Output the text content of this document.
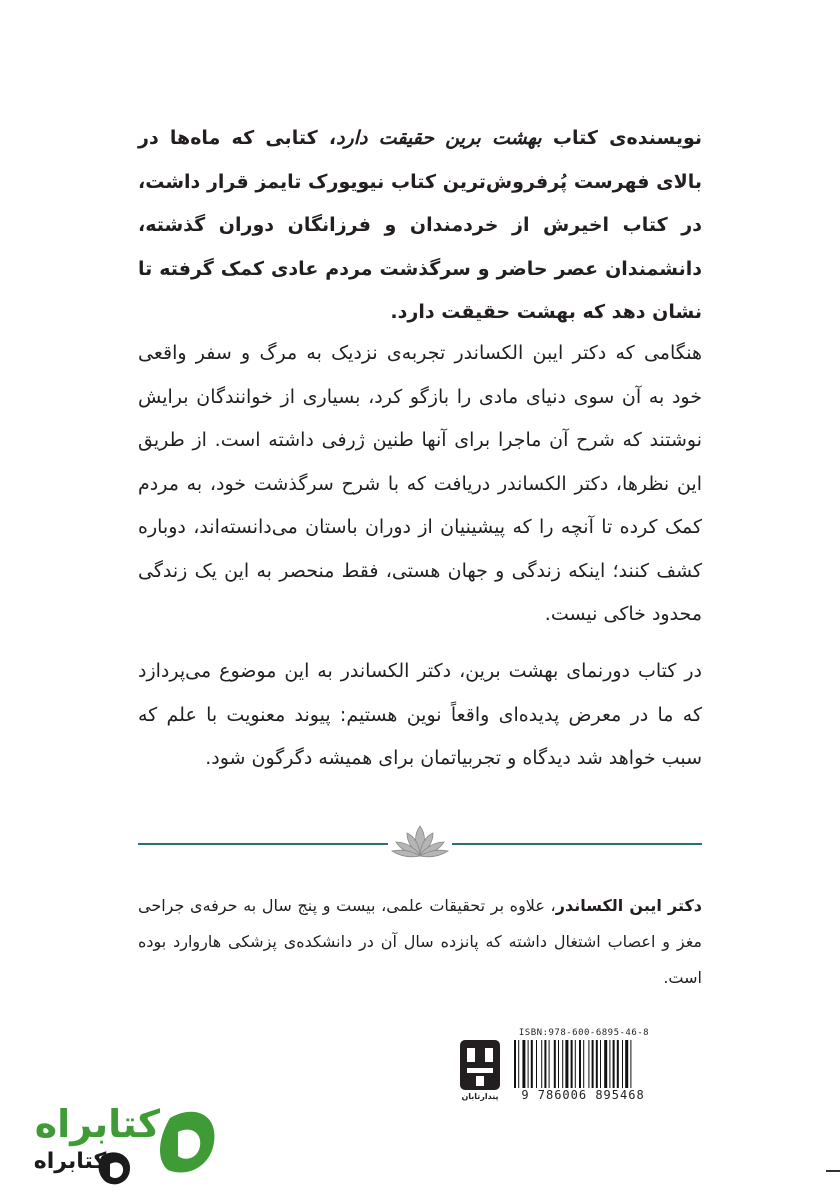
نویسنده‌ی کتاب بهشت برین حقیقت دارد، کتابی که ماه‌ها در بالای فهرست پُرفروش‌ترین کتاب نیویورک تایمز قرار داشت، در کتاب اخیرش از خردمندان و فرزانگان دوران گذشته، دانشمندان عصر حاضر و سرگذشت مردم عادی کمک گرفته تا نشان دهد که بهشت حقیقت دارد.

هنگامی که دکتر ایبن الکساندر تجربه‌ی نزدیک به مرگ و سفر واقعی خود به آن سوی دنیای مادی را بازگو کرد، بسیاری از خوانندگان برایش نوشتند که شرح آن ماجرا برای آنها طنین ژرفی داشته است. از طریق این نظرها، دکتر الکساندر دریافت که با شرح سرگذشت خود، به مردم کمک کرده تا آنچه را که پیشینیان از دوران باستان می‌دانسته‌اند، دوباره کشف کنند؛ اینکه زندگی و جهان هستی، فقط منحصر به این یک زندگی محدود خاکی نیست.

در کتاب دورنمای بهشت برین، دکتر الکساندر به این موضوع می‌پردازد که ما در معرض پدیده‌ای واقعاً نوین هستیم: پیوند معنویت با علم که سبب خواهد شد دیدگاه و تجربیاتمان برای همیشه دگرگون شود.

دکتر ایبن الکساندر، علاوه بر تحقیقات علمی، بیست و پنج سال به حرفه‌ی جراحی مغز و اعصاب اشتغال داشته که پانزده سال آن در دانشکده‌ی پزشکی هاروارد بوده است.

پندارتابان
ISBN:978-600-6895-46-8
9 786006 895468
کتابراه
کتابراه
